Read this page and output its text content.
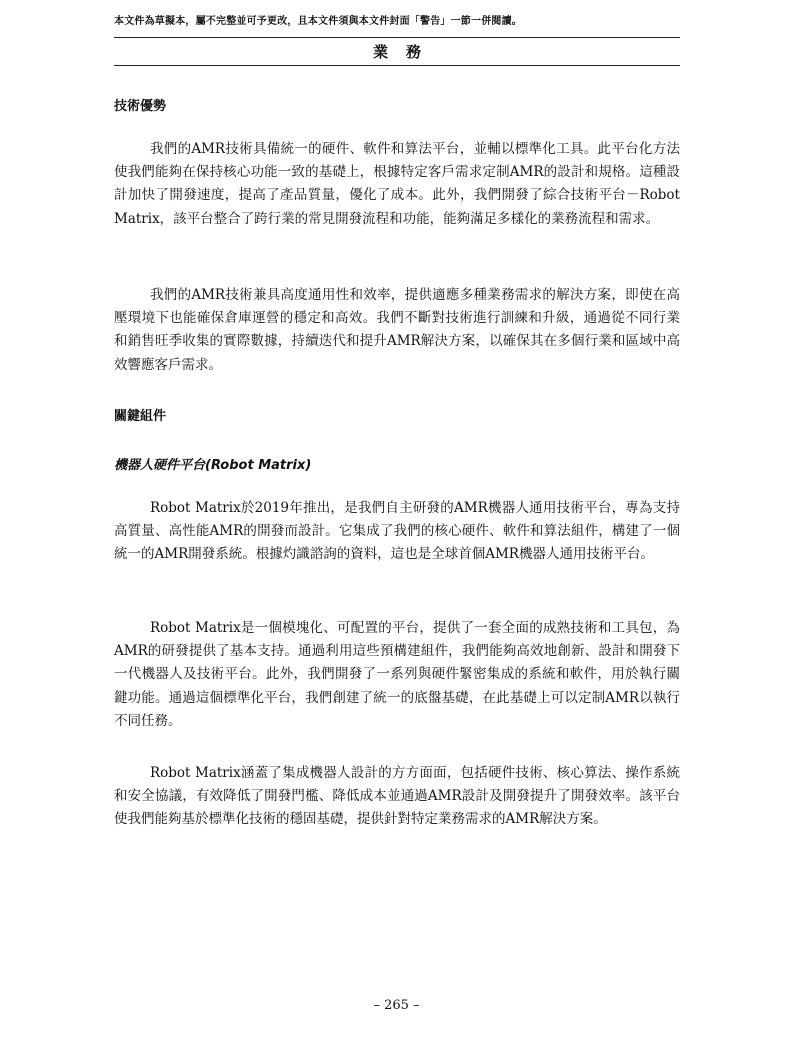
本文件為草擬本，屬不完整並可予更改，且本文件須與本文件封面「警告」一節一併閱讀。
業務
技術優勢

我們的AMR技術具備統一的硬件、軟件和算法平台，並輔以標準化工具。此平台化方法使我們能夠在保持核心功能一致的基礎上，根據特定客戶需求定制AMR的設計和規格。這種設計加快了開發速度，提高了產品質量，優化了成本。此外，我們開發了綜合技術平台－Robot Matrix，該平台整合了跨行業的常見開發流程和功能，能夠滿足多樣化的業務流程和需求。

我們的AMR技術兼具高度通用性和效率，提供適應多種業務需求的解決方案，即使在高壓環境下也能確保倉庫運營的穩定和高效。我們不斷對技術進行訓練和升級，通過從不同行業和銷售旺季收集的實際數據，持續迭代和提升AMR解決方案，以確保其在多個行業和區域中高效響應客戶需求。

關鍵組件
機器人硬件平台(Robot Matrix)

Robot Matrix於2019年推出，是我們自主研發的AMR機器人通用技術平台，專為支持高質量、高性能AMR的開發而設計。它集成了我們的核心硬件、軟件和算法組件，構建了一個統一的AMR開發系統。根據灼識諮詢的資料，這也是全球首個AMR機器人通用技術平台。

Robot Matrix是一個模塊化、可配置的平台，提供了一套全面的成熟技術和工具包，為AMR的研發提供了基本支持。通過利用這些預構建組件，我們能夠高效地創新、設計和開發下一代機器人及技術平台。此外，我們開發了一系列與硬件緊密集成的系統和軟件，用於執行關鍵功能。通過這個標準化平台，我們創建了統一的底盤基礎，在此基礎上可以定制AMR以執行不同任務。

Robot Matrix涵蓋了集成機器人設計的方方面面，包括硬件技術、核心算法、操作系統和安全協議，有效降低了開發門檻、降低成本並通過AMR設計及開發提升了開發效率。該平台使我們能夠基於標準化技術的穩固基礎，提供針對特定業務需求的AMR解決方案。

– 265 –
